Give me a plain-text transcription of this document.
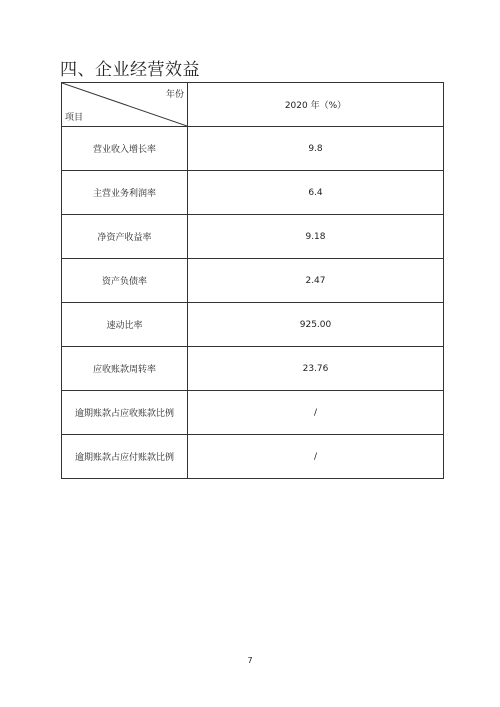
四、企业经营效益
年份
项目	2020 年（%）
营业收入增长率	9.8
主营业务利润率	6.4
净资产收益率	9.18
资产负债率	2.47
速动比率	925.00
应收账款周转率	23.76
逾期账款占应收账款比例	/
逾期账款占应付账款比例	/
7
